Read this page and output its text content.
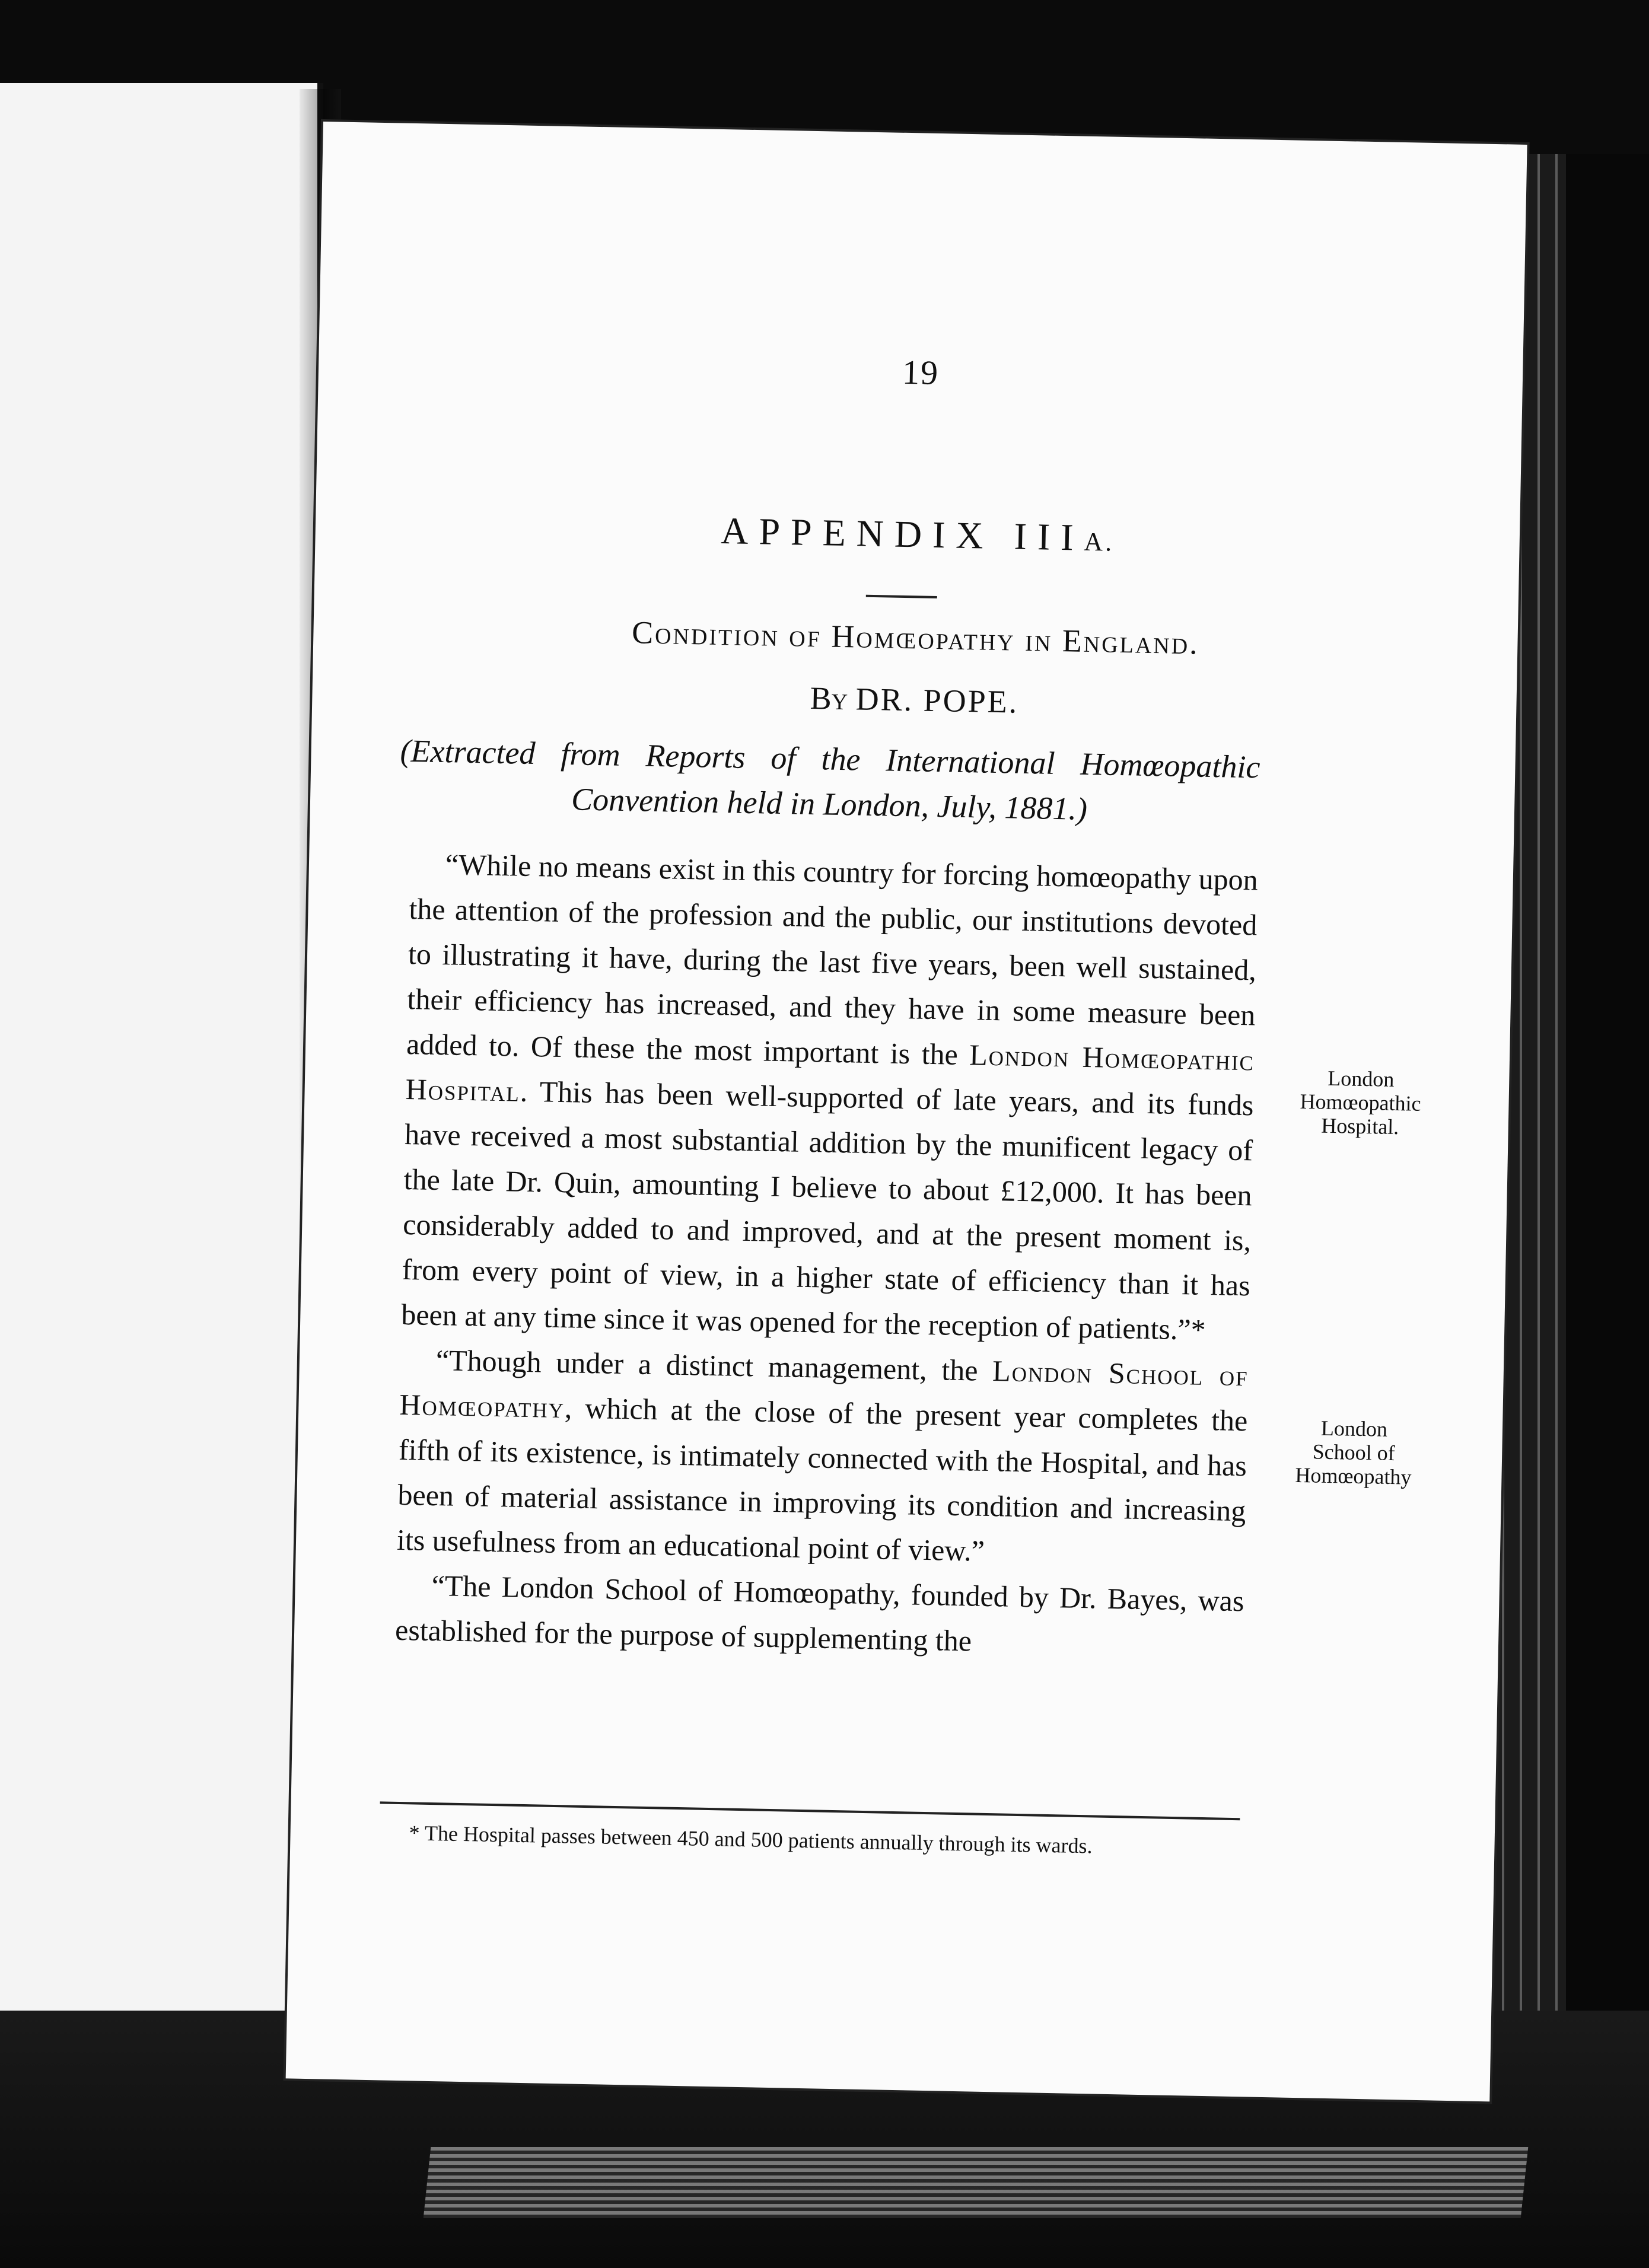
19
APPENDIX IIIA.
Condition of Homœopathy in England.
By DR. POPE.
(Extracted from Reports of the International Homœopathic Convention held in London, July, 1881.)

“While no means exist in this country for forcing homœopathy upon the attention of the profession and the public, our institutions devoted to illustrating it have, during the last five years, been well sustained, their efficiency has increased, and they have in some measure been added to. Of these the most important is the London Homœopathic Hospital. This has been well-supported of late years, and its funds have received a most substantial addition by the munificent legacy of the late Dr. Quin, amounting I believe to about £12,000. It has been considerably added to and improved, and at the present moment is, from every point of view, in a higher state of efficiency than it has been at any time since it was opened for the reception of patients.”*

“Though under a distinct management, the London School of Homœopathy, which at the close of the present year completes the fifth of its existence, is intimately connected with the Hospital, and has been of material assistance in improving its condition and increasing its usefulness from an educational point of view.”

“The London School of Homœopathy, founded by Dr. Bayes, was established for the purpose of supplementing the

London
Homœopathic
Hospital.
London
School of
Homœopathy
* The Hospital passes between 450 and 500 patients annually through its wards.
